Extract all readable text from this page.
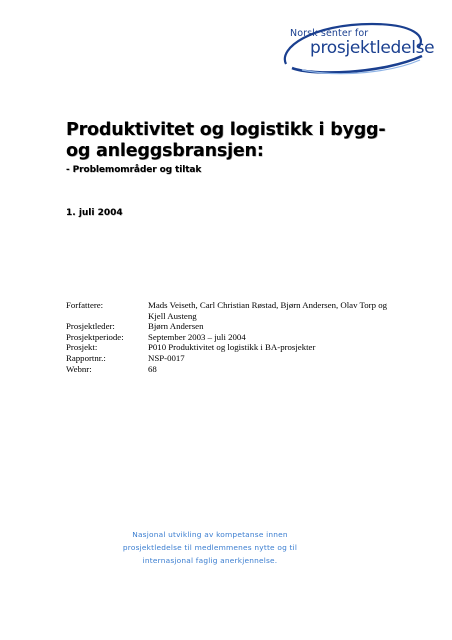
Norsk senter for
prosjektledelse
Produktivitet og logistikk i bygg- og anleggsbransjen:
- Problemområder og tiltak
1. juli 2004
Forfattere:	Mads Veiseth, Carl Christian Røstad, Bjørn Andersen, Olav Torp og Kjell Austeng
Prosjektleder:	Bjørn Andersen
Prosjektperiode:	September 2003 – juli 2004
Prosjekt:	P010 Produktivitet og logistikk i BA-prosjekter
Rapportnr.:	NSP-0017
Webnr:	68
Nasjonal utvikling av kompetanse innen
prosjektledelse til medlemmenes nytte og til
internasjonal faglig anerkjennelse.
